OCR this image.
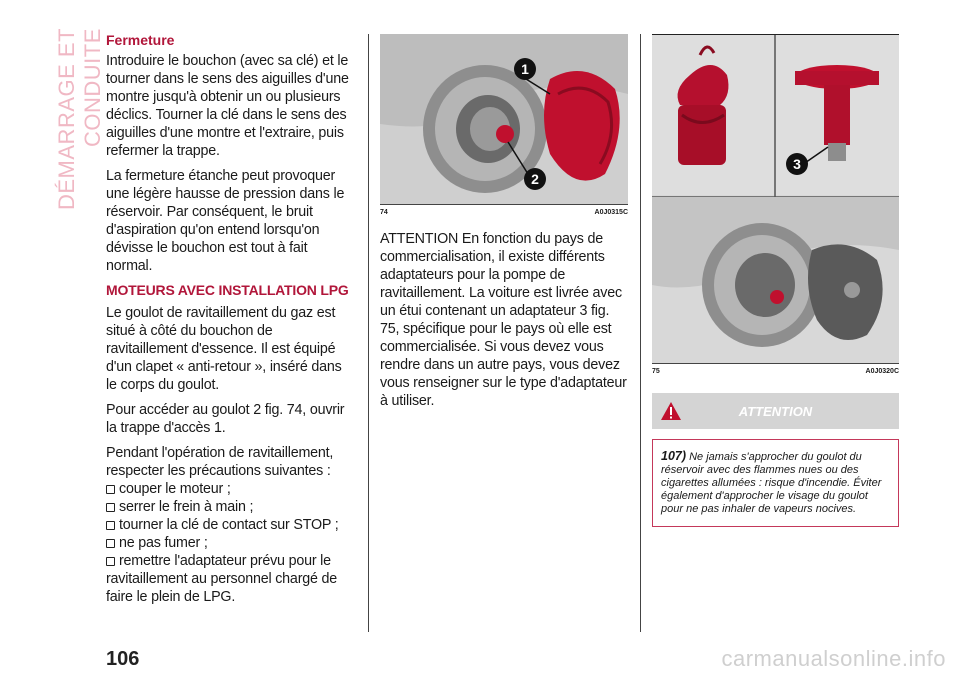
DÉMARRAGE ET CONDUITE Fermeture

Introduire le bouchon (avec sa clé) et le tourner dans le sens des aiguilles d'une montre jusqu'à obtenir un ou plusieurs déclics. Tourner la clé dans le sens des aiguilles d'une montre et l'extraire, puis refermer la trappe.

La fermeture étanche peut provoquer une légère hausse de pression dans le réservoir. Par conséquent, le bruit d'aspiration qu'on entend lorsqu'on dévisse le bouchon est tout à fait normal.

MOTEURS AVEC INSTALLATION LPG

Le goulot de ravitaillement du gaz est situé à côté du bouchon de ravitaillement d'essence. Il est équipé d'un clapet « anti-retour », inséré dans le corps du goulot.

Pour accéder au goulot 2 fig. 74, ouvrir la trappe d'accès 1.

Pendant l'opération de ravitaillement, respecter les précautions suivantes :

couper le moteur ;
serrer le frein à main ;
tourner la clé de contact sur STOP ;
ne pas fumer ;
remettre l'adaptateur prévu pour le ravitaillement au personnel chargé de faire le plein de LPG.
1
2
74	A0J0315C

ATTENTION En fonction du pays de commercialisation, il existe différents adaptateurs pour la pompe de ravitaillement. La voiture est livrée avec un étui contenant un adaptateur 3 fig. 75, spécifique pour le pays où elle est commercialisée. Si vous devez vous rendre dans un autre pays, vous devez vous renseigner sur le type d'adaptateur à utiliser.

3
75	A0J0320C
ATTENTION
107) Ne jamais s'approcher du goulot du réservoir avec des flammes nues ou des cigarettes allumées : risque d'incendie. Éviter également d'approcher le visage du goulot pour ne pas inhaler de vapeurs nocives.
106	carmanualsonline.info
